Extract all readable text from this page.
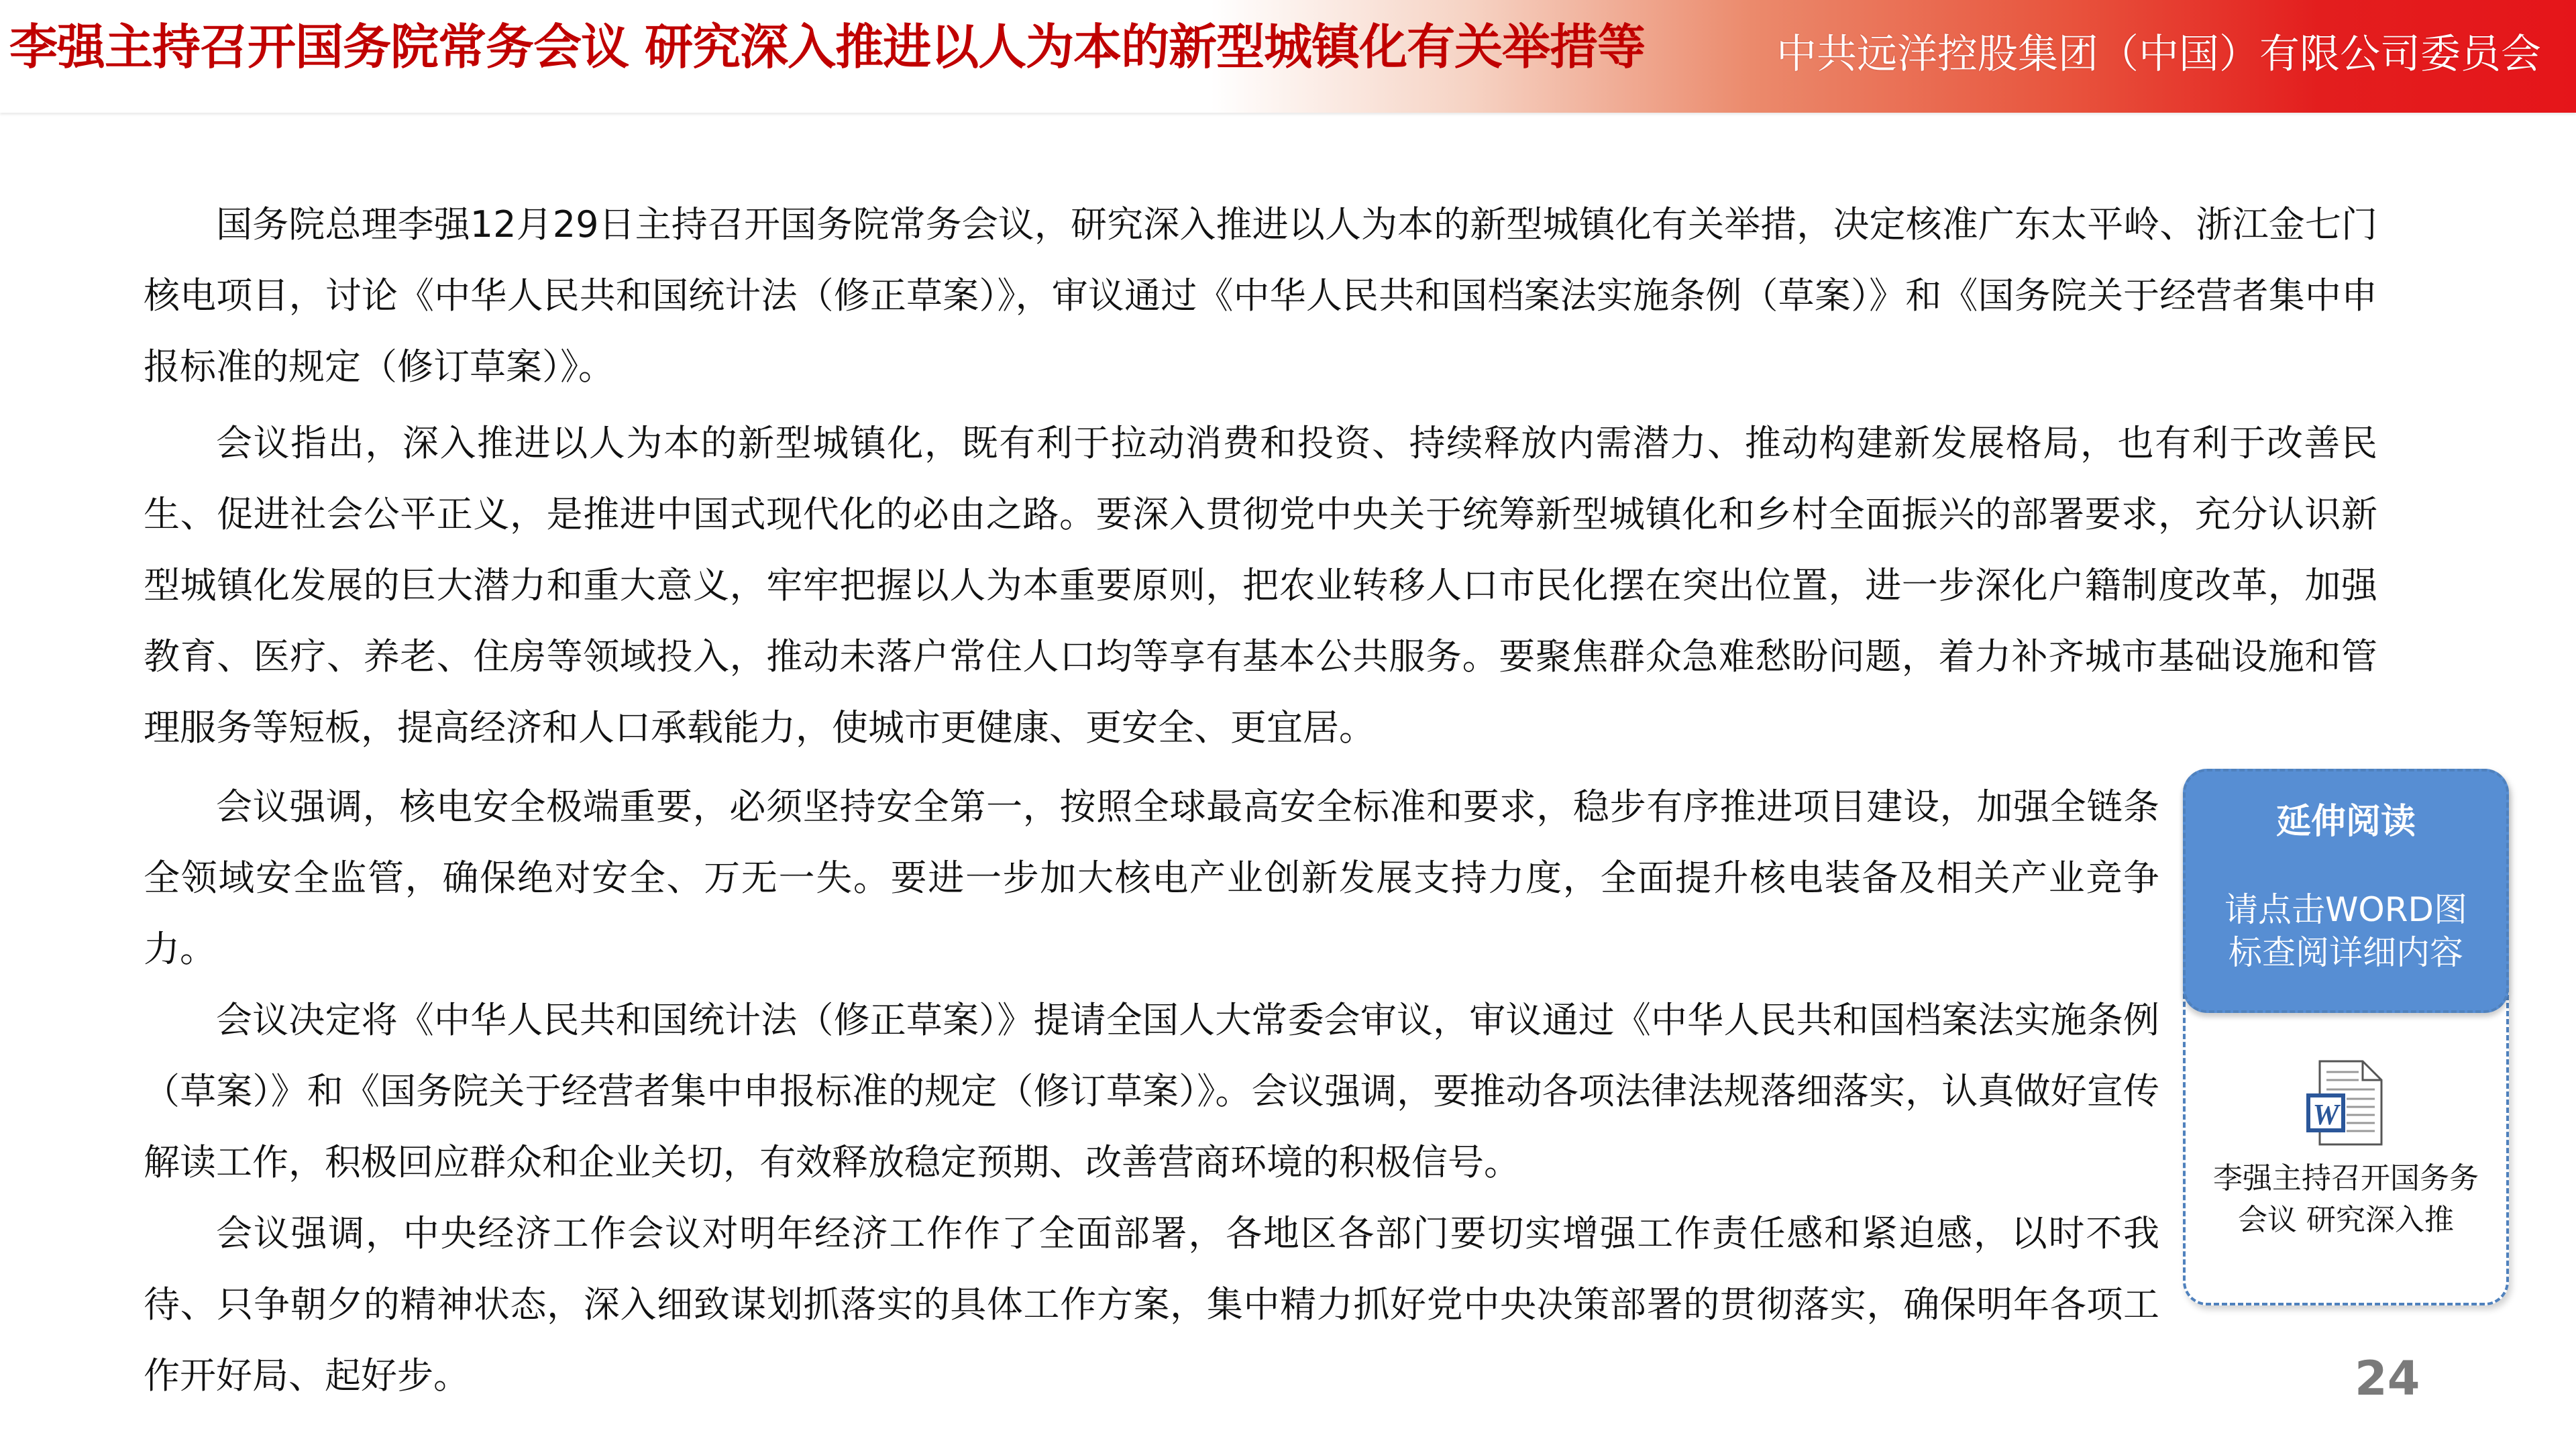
李强主持召开国务院常务会议 研究深入推进以人为本的新型城镇化有关举措等	中共远洋控股集团（中国）有限公司委员会

国务院总理李强12月29日主持召开国务院常务会议，研究深入推进以人为本的新型城镇化有关举措，决定核准广东太平岭、浙江金七门核电项目，讨论《中华人民共和国统计法（修正草案）》，审议通过《中华人民共和国档案法实施条例（草案）》和《国务院关于经营者集中申报标准的规定（修订草案）》。

会议指出，深入推进以人为本的新型城镇化，既有利于拉动消费和投资、持续释放内需潜力、推动构建新发展格局，也有利于改善民生、促进社会公平正义，是推进中国式现代化的必由之路。要深入贯彻党中央关于统筹新型城镇化和乡村全面振兴的部署要求，充分认识新型城镇化发展的巨大潜力和重大意义，牢牢把握以人为本重要原则，把农业转移人口市民化摆在突出位置，进一步深化户籍制度改革，加强教育、医疗、养老、住房等领域投入，推动未落户常住人口均等享有基本公共服务。要聚焦群众急难愁盼问题，着力补齐城市基础设施和管理服务等短板，提高经济和人口承载能力，使城市更健康、更安全、更宜居。

会议强调，核电安全极端重要，必须坚持安全第一，按照全球最高安全标准和要求，稳步有序推进项目建设，加强全链条全领域安全监管，确保绝对安全、万无一失。要进一步加大核电产业创新发展支持力度，全面提升核电装备及相关产业竞争力。

会议决定将《中华人民共和国统计法（修正草案）》提请全国人大常委会审议，审议通过《中华人民共和国档案法实施条例（草案）》和《国务院关于经营者集中申报标准的规定（修订草案）》。会议强调，要推动各项法律法规落细落实，认真做好宣传解读工作，积极回应群众和企业关切，有效释放稳定预期、改善营商环境的积极信号。

会议强调，中央经济工作会议对明年经济工作作了全面部署，各地区各部门要切实增强工作责任感和紧迫感，以时不我待、只争朝夕的精神状态，深入细致谋划抓落实的具体工作方案，集中精力抓好党中央决策部署的贯彻落实，确保明年各项工作开好局、起好步。

延伸阅读
请点击WORD图标查阅详细内容
W
李强主持召开国务务会议 研究深入推
24
